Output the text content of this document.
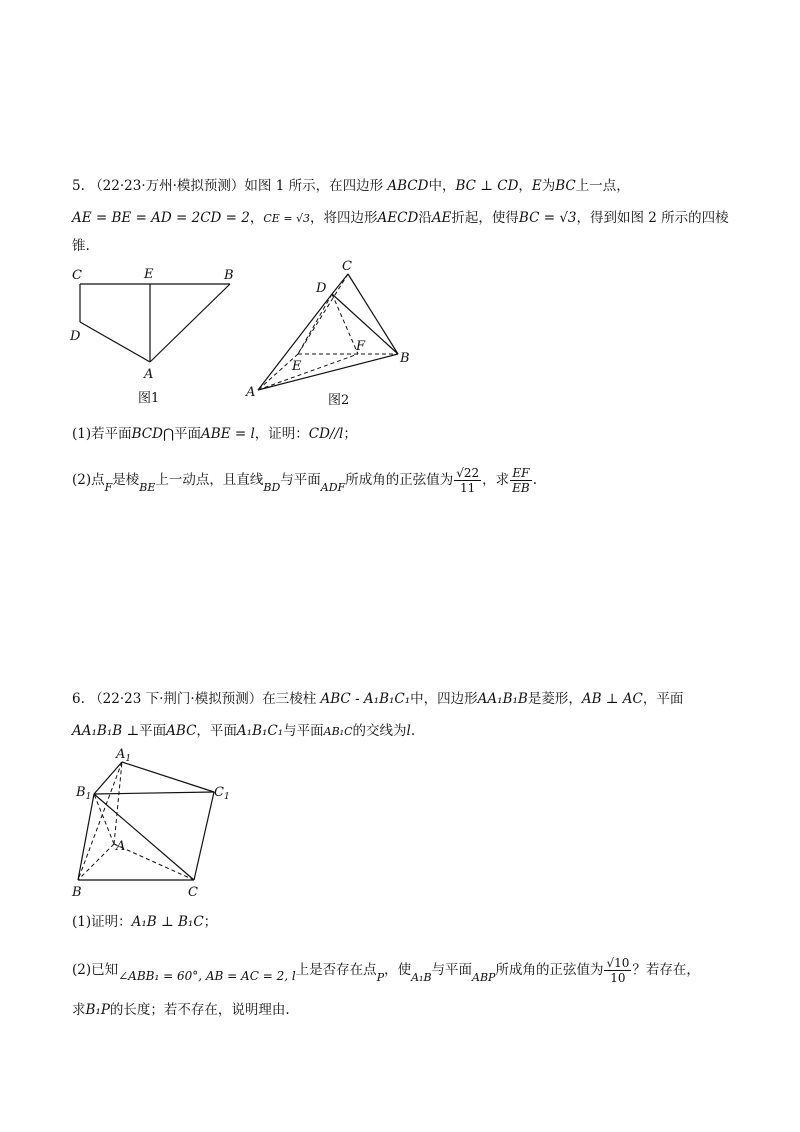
5. （22·23·万州·模拟预测）如图 1 所示，在四边形 ABCD中，BC ⊥ CD，E为BC上一点，
AE = BE = AD = 2CD = 2，CE = √3，将四边形AECD沿AE折起，使得BC = √3，得到如图 2 所示的四棱
锥.
C	E	B
D
A
图1
C
D
F
E
B
A
图2
(1)若平面BCD⋂平面ABE = l，证明：CD//l；
(2)点$_F$是棱$_{BE}$上一动点，且直线$_{BD}$与平面$_{ADF}$所成角的正弦值为 $\frac{√22}{11}$ ，求 $\frac{EF}{EB}$ .
6. （22·23 下·荆门·模拟预测）在三棱柱 ABC - A₁B₁C₁中，四边形AA₁B₁B是菱形，AB ⊥ AC，平面
AA₁B₁B ⊥平面ABC，平面A₁B₁C₁与平面AB₁C的交线为l.
$A_1$
$B_1$	$C_1$
A
B	C
(1)证明：A₁B ⊥ B₁C；
(2)已知∠ABB₁ = 60°, AB = AC = 2, l上是否存在点$_P$，使$_{A_1B}$与平面$_{ABP}$所成角的正弦值为 $\frac{√10}{10}$ ？若存在，
求B₁P的长度；若不存在，说明理由.
